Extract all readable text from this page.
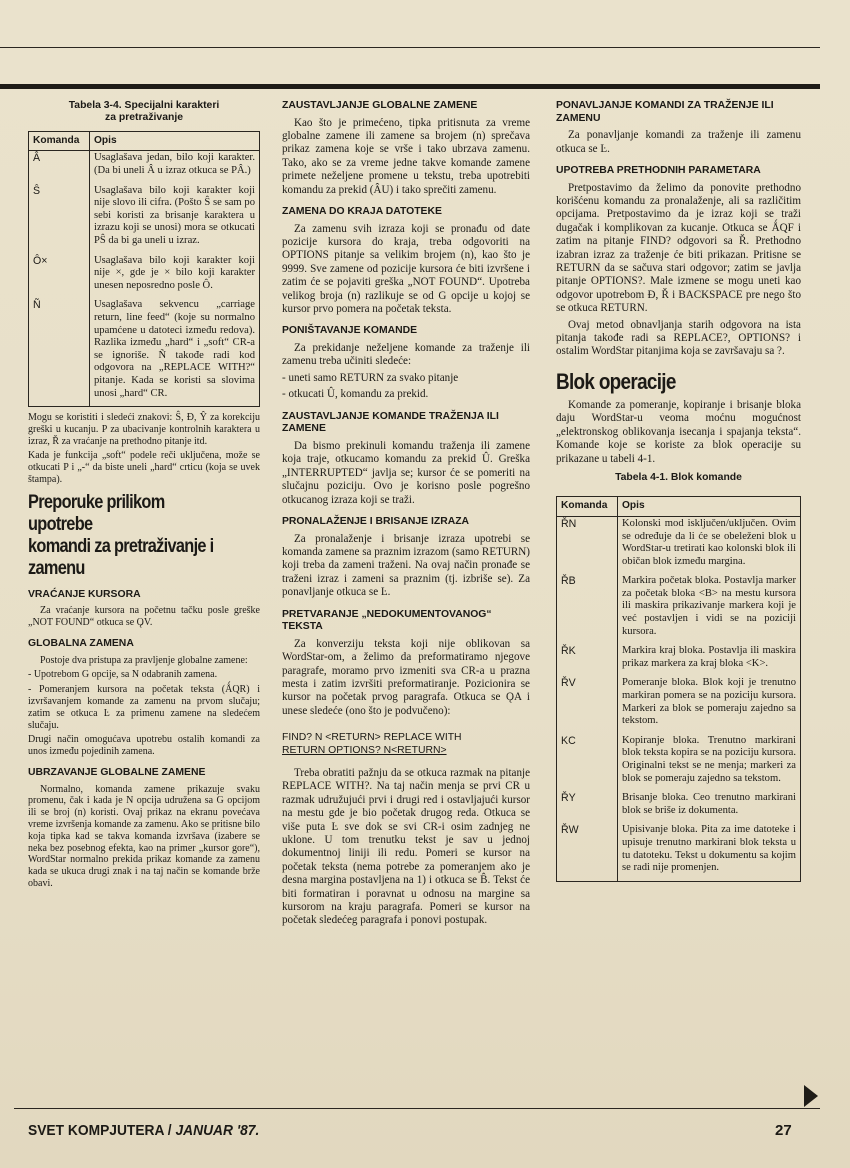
Tabela 3-4. Specijalni karakteri
za pretraživanje
Komanda	Opis
Â	Usaglašava jedan, bilo koji karakter. (Da bi uneli Â u izraz otkuca se PÂ.)
Ŝ	Usaglašava bilo koji karakter koji nije slovo ili cifra. (Pošto Ŝ se sam po sebi koristi za brisanje karaktera u izrazu koji se unosi) mora se otkucati PŜ da bi ga uneli u izraz.
Ô×	Usaglašava bilo koji karakter koji nije ×, gde je × bilo koji karakter unesen neposredno posle Ô.
Ñ	Usaglašava sekvencu „carriage return, line feed“ (koje su normalno upamćene u datoteci između redova). Razlika između „hard“ i „soft“ CR-a se ignoriše. Ñ takođe radi kod odgovora na „REPLACE WITH?“ pitanje. Kada se koristi sa slovima unosi „hard“ CR.

Mogu se koristiti i sledeći znakovi: Ŝ, Đ, Ŷ za korekciju greški u kucanju. P za ubacivanje kontrolnih karaktera u izraz, Ř za vraćanje na prethodno pitanje itd.

Kada je funkcija „soft“ podele reči uključena, može se otkucati P i „-“ da biste uneli „hard“ crticu (koja se uvek štampa).

Preporuke prilikom upotrebe
komandi za pretraživanje i
zamenu
VRAĆANJE KURSORA

Za vraćanje kursora na početnu tačku posle greške „NOT FOUND“ otkuca se ǪV.

GLOBALNA ZAMENA

Postoje dva pristupa za pravljenje globalne zamene:

- Upotrebom G opcije, sa N odabranih zamena.

- Pomeranjem kursora na početak teksta (ǺQR) i izvršavanjem komande za zamenu na prvom slučaju; zatim se otkuca Ŀ za primenu zamene na sledećem slučaju.

Drugi način omogućava upotrebu ostalih komandi za unos između pojedinih zamena.

UBRZAVANJE GLOBALNE ZAMENE

Normalno, komanda zamene prikazuje svaku promenu, čak i kada je N opcija udružena sa G opcijom ili se broj (n) koristi. Ovaj prikaz na ekranu povećava vreme izvršenja komande za zamenu. Ako se pritisne bilo koja tipka kad se takva komanda izvršava (izabere se neka bez posebnog efekta, kao na primer „kursor gore“), WordStar normalno prekida prikaz komande za zamenu kada se ukuca drugi znak i na taj način se komande brže obavi.

ZAUSTAVLJANJE GLOBALNE ZAMENE

Kao što je primećeno, tipka pritisnuta za vreme globalne zamene ili zamene sa brojem (n) sprečava prikaz zamena koje se vrše i tako ubrzava zamenu. Tako, ako se za vreme jedne takve komande zamene primete neželjene promene u tekstu, treba upotrebiti komandu za prekid (ÂU) i tako sprečiti zamenu.

ZAMENA DO KRAJA DATOTEKE

Za zamenu svih izraza koji se pronađu od date pozicije kursora do kraja, treba odgovoriti na OPTIONS pitanje sa velikim brojem (n), kao što je 9999. Sve zamene od pozicije kursora će biti izvršene i zatim će se pojaviti greška „NOT FOUND“. Upotreba velikog broja (n) razlikuje se od G opcije u kojoj se kursor prvo pomera na početak teksta.

PONIŠTAVANJE KOMANDE

Za prekidanje neželjene komande za traženje ili zamenu treba učiniti sledeće:

- uneti samo RETURN za svako pitanje

- otkucati Û, komandu za prekid.

ZAUSTAVLJANJE KOMANDE TRAŽENJA ILI ZAMENE

Da bismo prekinuli komandu traženja ili zamene koja traje, otkucamo komandu za prekid Û. Greška „INTERRUPTED“ javlja se; kursor će se pomeriti na slučajnu poziciju. Ovo je korisno posle pogrešno otkucanog izraza koji se traži.

PRONALAŽENJE I BRISANJE IZRAZA

Za pronalaženje i brisanje izraza upotrebi se komanda zamene sa praznim izrazom (samo RETURN) koji treba da zameni traženi. Na ovaj način pronađe se traženi izraz i zameni sa praznim (tj. izbriše se). Za ponavljanje otkuca se Ŀ.

PRETVARANJE „NEDOKUMENTOVANOG“ TEKSTA

Za konverziju teksta koji nije oblikovan sa WordStar-om, a želimo da preformatiramo njegove paragrafe, moramo prvo izmeniti sva CR-a u prazna mesta i zatim izvršiti preformatiranje. Pozicionira se kursor na početak prvog paragrafa. Otkuca se ǪA i unese sledeće (ono što je podvučeno):

FIND? N <RETURN> REPLACE WITH
RETURN OPTIONS? N<RETURN>

Treba obratiti pažnju da se otkuca razmak na pitanje REPLACE WITH?. Na taj način menja se prvi CR u razmak udružujući prvi i drugi red i ostavljajući kursor na mestu gde je bio početak drugog reda. Otkuca se više puta Ŀ sve dok se svi CR-i osim zadnjeg ne uklone. U tom trenutku tekst je sav u jednoj dokumentnoj liniji ili redu. Pomeri se kursor na početak teksta (nema potrebe za pomeranjem ako je desna margina postavljena na 1) i otkuca se B̂. Tekst će biti formatiran i poravnat u odnosu na margine sa kursorom na kraju paragrafa. Pomeri se kursor na početak sledećeg paragrafa i ponovi postupak.

PONAVLJANJE KOMANDI ZA TRAŽENJE ILI ZAMENU

Za ponavljanje komandi za traženje ili zamenu otkuca se Ŀ.

UPOTREBA PRETHODNIH PARAMETARA

Pretpostavimo da želimo da ponovite prethodno korišćenu komandu za pronalaženje, ali sa različitim opcijama. Pretpostavimo da je izraz koji se traži dugačak i komplikovan za kucanje. Otkuca se ǺQF i zatim na pitanje FIND? odgovori sa Ř. Prethodno izabran izraz za traženje će biti prikazan. Pritisne se RETURN da se sačuva stari odgovor; zatim se javlja pitanje OPTIONS?. Male izmene se mogu uneti kao odgovor upotrebom Đ, Ř i BACKSPACE pre nego što se otkuca RETURN.

Ovaj metod obnavljanja starih odgovora na ista pitanja takođe radi sa REPLACE?, OPTIONS? i ostalim WordStar pitanjima koja se završavaju sa ?.

Blok operacije

Komande za pomeranje, kopiranje i brisanje bloka daju WordStar-u veoma moćnu mogućnost „elektronskog oblikovanja isecanja i spajanja teksta“. Komande koje se koriste za blok operacije su prikazane u tabeli 4-1.

Tabela 4-1. Blok komande
Komanda	Opis
ŘN	Kolonski mod isključen/uključen. Ovim se određuje da li će se obeleženi blok u WordStar-u tretirati kao kolonski blok ili običan blok između margina.
ŘB	Markira početak bloka. Postavlja marker za početak bloka <B> na mestu kursora ili maskira prikazivanje markera koji je već postavljen i vidi se na poziciji kursora.
ŘK	Markira kraj bloka. Postavlja ili maskira prikaz markera za kraj bloka <K>.
ŘV	Pomeranje bloka. Blok koji je trenutno markiran pomera se na poziciju kursora. Markeri za blok se pomeraju zajedno sa tekstom.
KC	Kopiranje bloka. Trenutno markirani blok teksta kopira se na poziciju kursora. Originalni tekst se ne menja; markeri za blok se pomeraju zajedno sa tekstom.
ŘY	Brisanje bloka. Ceo trenutno markirani blok se briše iz dokumenta.
ŘW	Upisivanje bloka. Pita za ime datoteke i upisuje trenutno markirani blok teksta u tu datoteku. Tekst u dokumentu sa kojim se radi nije promenjen.
SVET KOMPJUTERA / JANUAR '87.	27
